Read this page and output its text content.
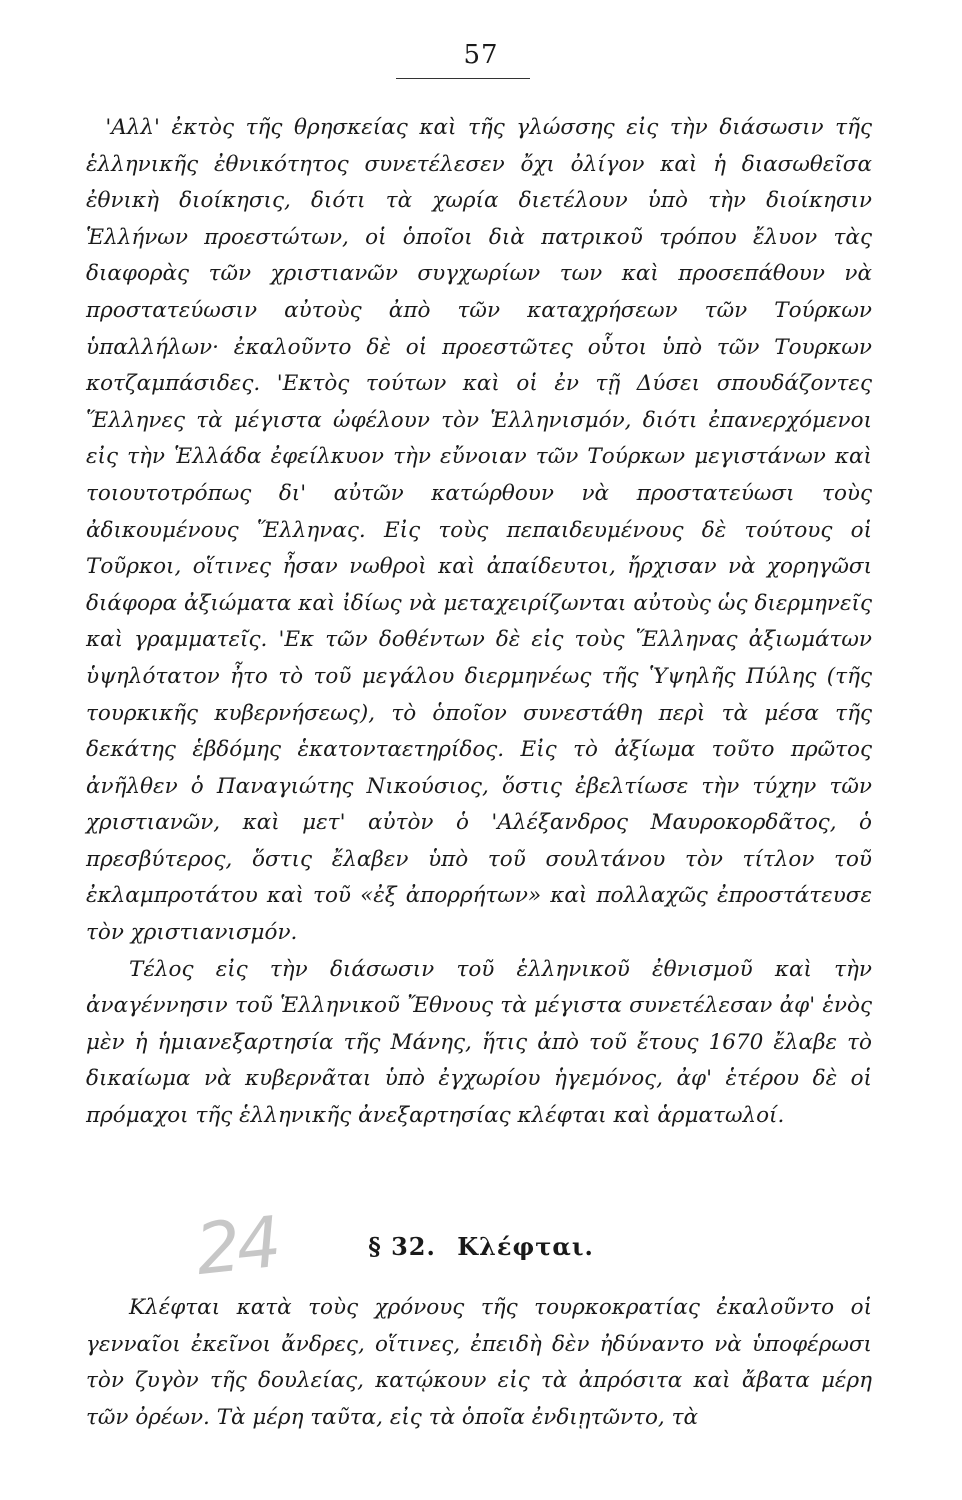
57

'Αλλ' ἐκτὸς τῆς θρησκείας καὶ τῆς γλώσσης εἰς τὴν διάσωσιν τῆς ἑλληνικῆς ἐθνικότητος συνετέλεσεν ὄχι ὀλίγον καὶ ἡ διασωθεῖσα ἐθνικὴ διοίκησις, διότι τὰ χωρία διετέλουν ὑπὸ τὴν διοίκησιν Ἑλλήνων προεστώτων, οἱ ὁποῖοι διὰ πατρικοῦ τρόπου ἔλυον τὰς διαφορὰς τῶν χριστιανῶν συγχωρίων των καὶ προσεπάθουν νὰ προστατεύωσιν αὐτοὺς ἀπὸ τῶν καταχρήσεων τῶν Τούρκων ὑπαλλήλων· ἐκαλοῦντο δὲ οἱ προεστῶτες οὗτοι ὑπὸ τῶν Τουρκων κοτζαμπάσιδες. 'Εκτὸς τούτων καὶ οἱ ἐν τῇ Δύσει σπουδάζοντες Ἕλληνες τὰ μέγιστα ὠφέλουν τὸν Ἑλληνισμόν, διότι ἐπανερχόμενοι εἰς τὴν Ἑλλάδα ἐφείλκυον τὴν εὔνοιαν τῶν Τούρκων μεγιστάνων καὶ τοιουτοτρόπως δι' αὐτῶν κατώρθουν νὰ προστατεύωσι τοὺς ἀδικουμένους Ἕλληνας. Εἰς τοὺς πεπαιδευμένους δὲ τούτους οἱ Τοῦρκοι, οἵτινες ἦσαν νωθροὶ καὶ ἀπαίδευτοι, ἤρχισαν νὰ χορηγῶσι διάφορα ἀξιώματα καὶ ἰδίως νὰ μεταχειρίζωνται αὐτοὺς ὡς διερμηνεῖς καὶ γραμματεῖς. 'Εκ τῶν δοθέντων δὲ εἰς τοὺς Ἕλληνας ἀξιωμάτων ὑψηλότατον ἦτο τὸ τοῦ μεγάλου διερμηνέως τῆς Ὑψηλῆς Πύλης (τῆς τουρκικῆς κυβερνήσεως), τὸ ὁποῖον συνεστάθη περὶ τὰ μέσα τῆς δεκάτης ἑβδόμης ἑκατονταετηρίδος. Εἰς τὸ ἀξίωμα τοῦτο πρῶτος ἀνῆλθεν ὁ Παναγιώτης Νικούσιος, ὅστις ἐβελτίωσε τὴν τύχην τῶν χριστιανῶν, καὶ μετ' αὐτὸν ὁ 'Αλέξανδρος Μαυροκορδᾶτος, ὁ πρεσβύτερος, ὅστις ἔλαβεν ὑπὸ τοῦ σουλτάνου τὸν τίτλον τοῦ ἐκλαμπροτάτου καὶ τοῦ «ἐξ ἀπορρήτων» καὶ πολλαχῶς ἐπροστάτευσε τὸν χριστιανισμόν.

Τέλος εἰς τὴν διάσωσιν τοῦ ἑλληνικοῦ ἐθνισμοῦ καὶ τὴν ἀναγέννησιν τοῦ Ἑλληνικοῦ Ἔθνους τὰ μέγιστα συνετέλεσαν ἀφ' ἑνὸς μὲν ἡ ἡμιανεξαρτησία τῆς Μάνης, ἥτις ἀπὸ τοῦ ἔτους 1670 ἔλαβε τὸ δικαίωμα νὰ κυβερνᾶται ὑπὸ ἐγχωρίου ἡγεμόνος, ἀφ' ἑτέρου δὲ οἱ πρόμαχοι τῆς ἑλληνικῆς ἀνεξαρτησίας κλέφται καὶ ἁρματωλοί.

24	§ 32. Κλέφται.

Κλέφται κατὰ τοὺς χρόνους τῆς τουρκοκρατίας ἐκαλοῦντο οἱ γενναῖοι ἐκεῖνοι ἄνδρες, οἵτινες, ἐπειδὴ δὲν ἠδύναντο νὰ ὑποφέρωσι τὸν ζυγὸν τῆς δουλείας, κατῴκουν εἰς τὰ ἀπρόσιτα καὶ ἄβατα μέρη τῶν ὀρέων. Τὰ μέρη ταῦτα, εἰς τὰ ὁποῖα ἐνδιῃτῶντο, τὰ
